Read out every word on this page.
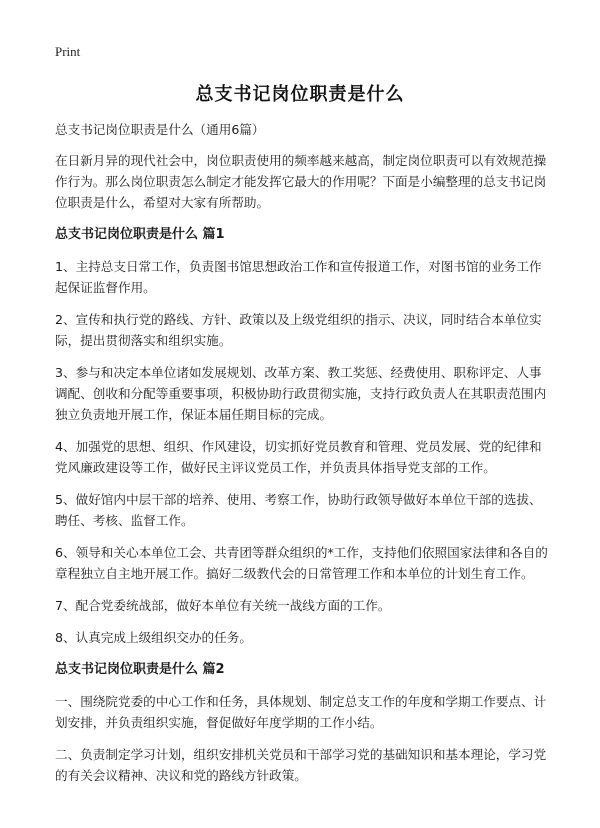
Print
总支书记岗位职责是什么

总支书记岗位职责是什么（通用6篇）

在日新月异的现代社会中，岗位职责使用的频率越来越高，制定岗位职责可以有效规范操作行为。那么岗位职责怎么制定才能发挥它最大的作用呢？下面是小编整理的总支书记岗位职责是什么，希望对大家有所帮助。

总支书记岗位职责是什么 篇1

1、主持总支日常工作，负责图书馆思想政治工作和宣传报道工作，对图书馆的业务工作起保证监督作用。

2、宣传和执行党的路线、方针、政策以及上级党组织的指示、决议，同时结合本单位实际，提出贯彻落实和组织实施。

3、参与和决定本单位诸如发展规划、改革方案、教工奖惩、经费使用、职称评定、人事调配、创收和分配等重要事项，积极协助行政贯彻实施，支持行政负责人在其职责范围内独立负责地开展工作，保证本届任期目标的完成。

4、加强党的思想、组织、作风建设，切实抓好党员教育和管理、党员发展、党的纪律和党风廉政建设等工作，做好民主评议党员工作，并负责具体指导党支部的工作。

5、做好馆内中层干部的培养、使用、考察工作，协助行政领导做好本单位干部的选拔、聘任、考核、监督工作。

6、领导和关心本单位工会、共青团等群众组织的*工作，支持他们依照国家法律和各自的章程独立自主地开展工作。搞好二级教代会的日常管理工作和本单位的计划生育工作。

7、配合党委统战部，做好本单位有关统一战线方面的工作。

8、认真完成上级组织交办的任务。

总支书记岗位职责是什么 篇2

一、围绕院党委的中心工作和任务，具体规划、制定总支工作的年度和学期工作要点、计划安排，并负责组织实施，督促做好年度学期的工作小结。

二、负责制定学习计划，组织安排机关党员和干部学习党的基础知识和基本理论，学习党的有关会议精神、决议和党的路线方针政策。
